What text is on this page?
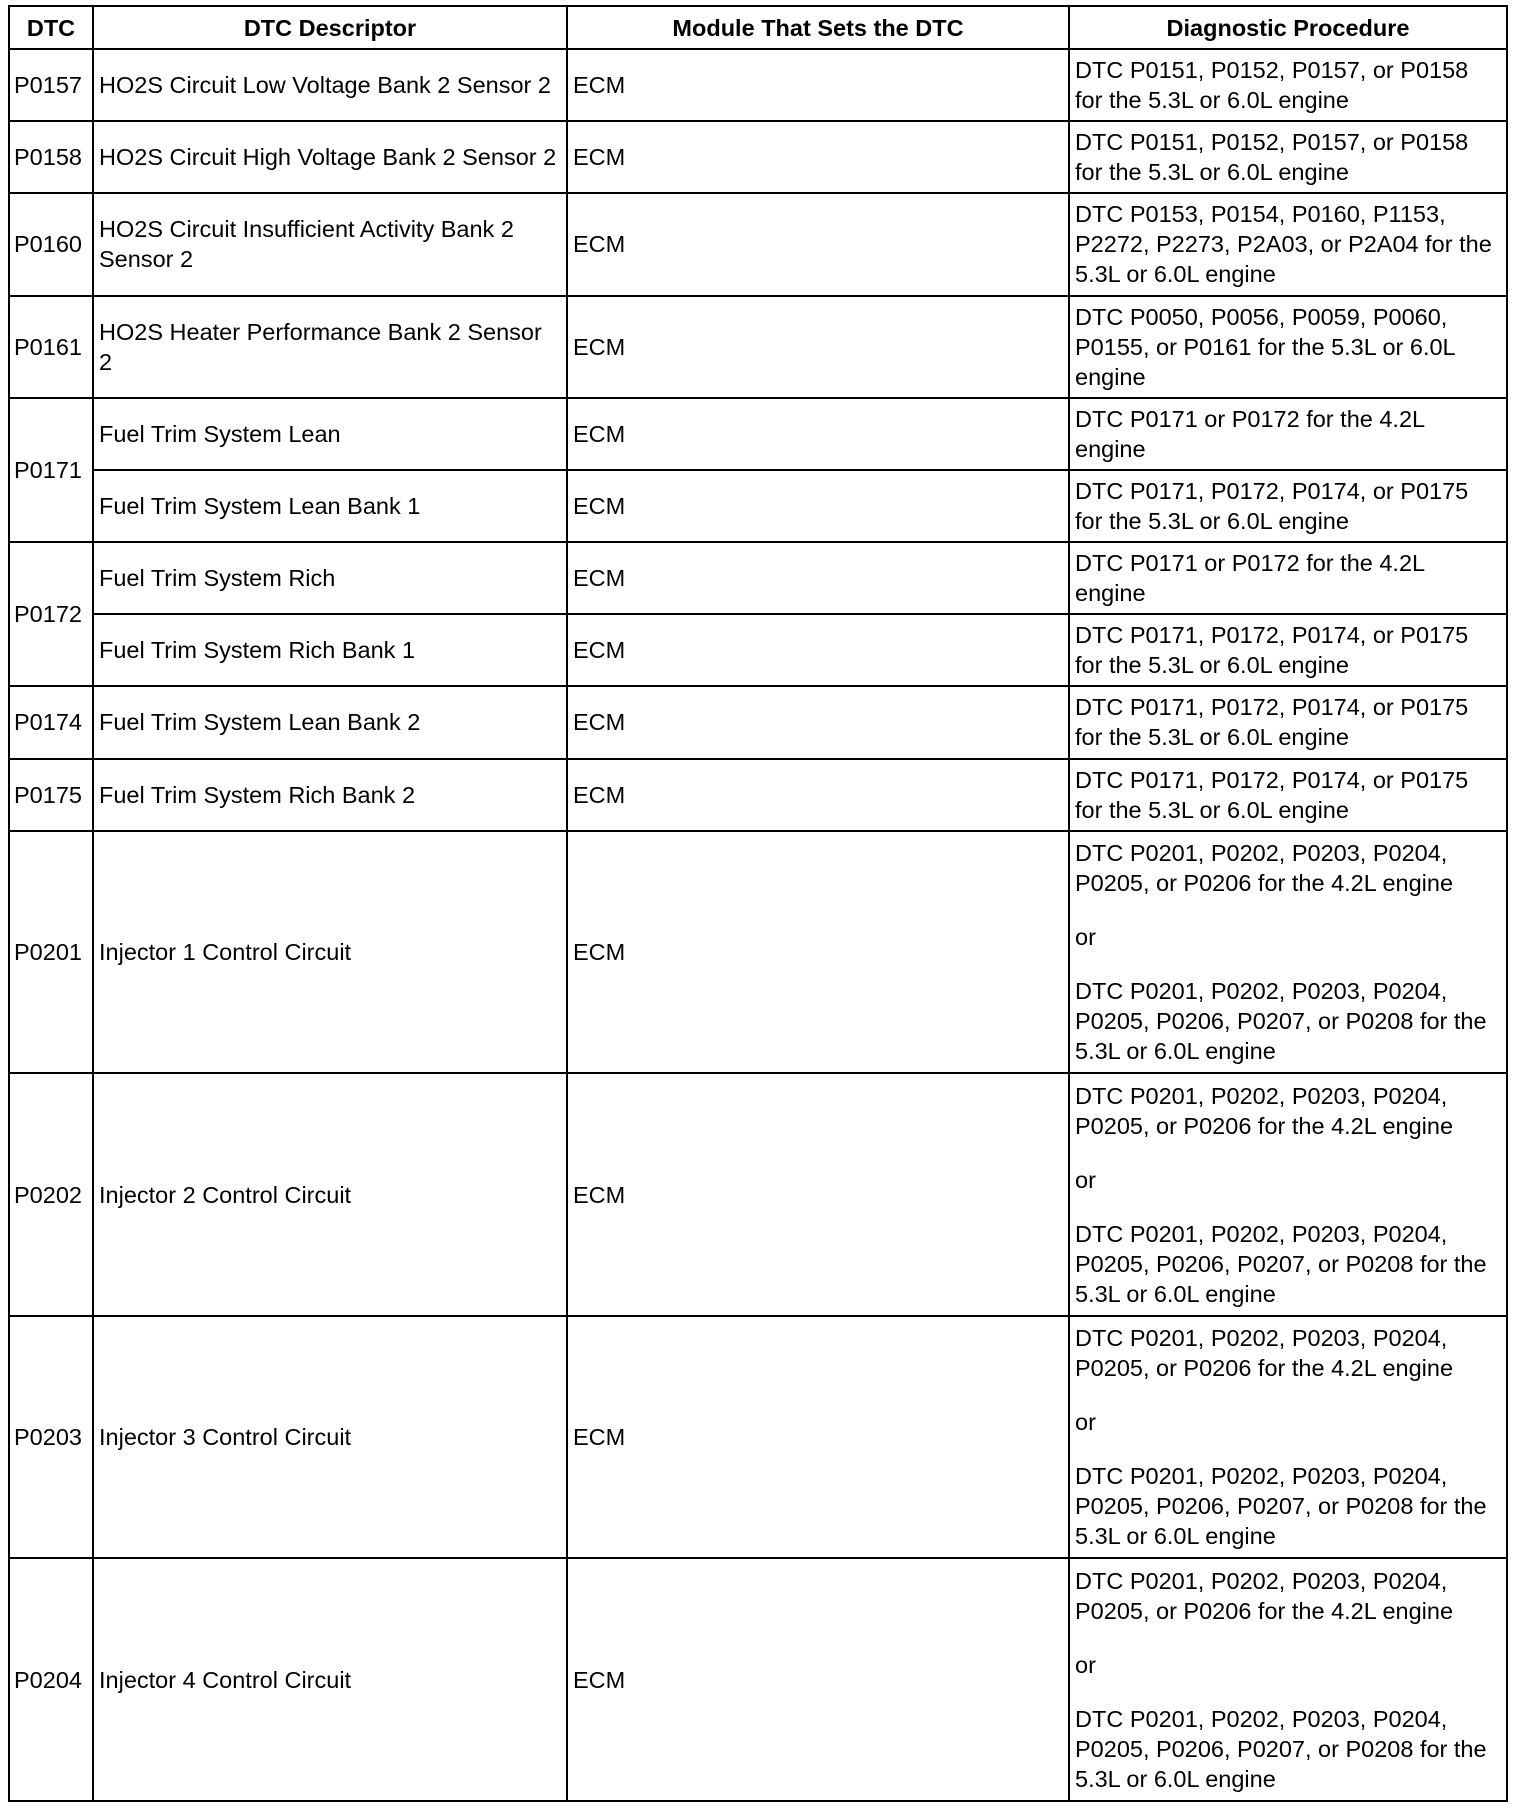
DTC	DTC Descriptor	Module That Sets the DTC	Diagnostic Procedure
P0157	HO2S Circuit Low Voltage Bank 2 Sensor 2	ECM	DTC P0151, P0152, P0157, or P0158 for the 5.3L or 6.0L engine

P0158	HO2S Circuit High Voltage Bank 2 Sensor 2	ECM	DTC P0151, P0152, P0157, or P0158 for the 5.3L or 6.0L engine

P0160	HO2S Circuit Insufficient Activity Bank 2 Sensor 2	ECM	DTC P0153, P0154, P0160, P1153, P2272, P2273, P2A03, or P2A04 for the 5.3L or 6.0L engine

P0161	HO2S Heater Performance Bank 2 Sensor 2	ECM	DTC P0050, P0056, P0059, P0060, P0155, or P0161 for the 5.3L or 6.0L engine

P0171	Fuel Trim System Lean	ECM	DTC P0171 or P0172 for the 4.2L engine

	Fuel Trim System Lean Bank 1	ECM	DTC P0171, P0172, P0174, or P0175 for the 5.3L or 6.0L engine

P0172	Fuel Trim System Rich	ECM	DTC P0171 or P0172 for the 4.2L engine

	Fuel Trim System Rich Bank 1	ECM	DTC P0171, P0172, P0174, or P0175 for the 5.3L or 6.0L engine

P0174	Fuel Trim System Lean Bank 2	ECM	DTC P0171, P0172, P0174, or P0175 for the 5.3L or 6.0L engine

P0175	Fuel Trim System Rich Bank 2	ECM	DTC P0171, P0172, P0174, or P0175 for the 5.3L or 6.0L engine

P0201	Injector 1 Control Circuit	ECM	DTC P0201, P0202, P0203, P0204, P0205, or P0206 for the 4.2L engine
or
DTC P0201, P0202, P0203, P0204, P0205, P0206, P0207, or P0208 for the 5.3L or 6.0L engine

P0202	Injector 2 Control Circuit	ECM	DTC P0201, P0202, P0203, P0204, P0205, or P0206 for the 4.2L engine
or
DTC P0201, P0202, P0203, P0204, P0205, P0206, P0207, or P0208 for the 5.3L or 6.0L engine

P0203	Injector 3 Control Circuit	ECM	DTC P0201, P0202, P0203, P0204, P0205, or P0206 for the 4.2L engine
or
DTC P0201, P0202, P0203, P0204, P0205, P0206, P0207, or P0208 for the 5.3L or 6.0L engine

P0204	Injector 4 Control Circuit	ECM	DTC P0201, P0202, P0203, P0204, P0205, or P0206 for the 4.2L engine
or
DTC P0201, P0202, P0203, P0204, P0205, P0206, P0207, or P0208 for the 5.3L or 6.0L engine
